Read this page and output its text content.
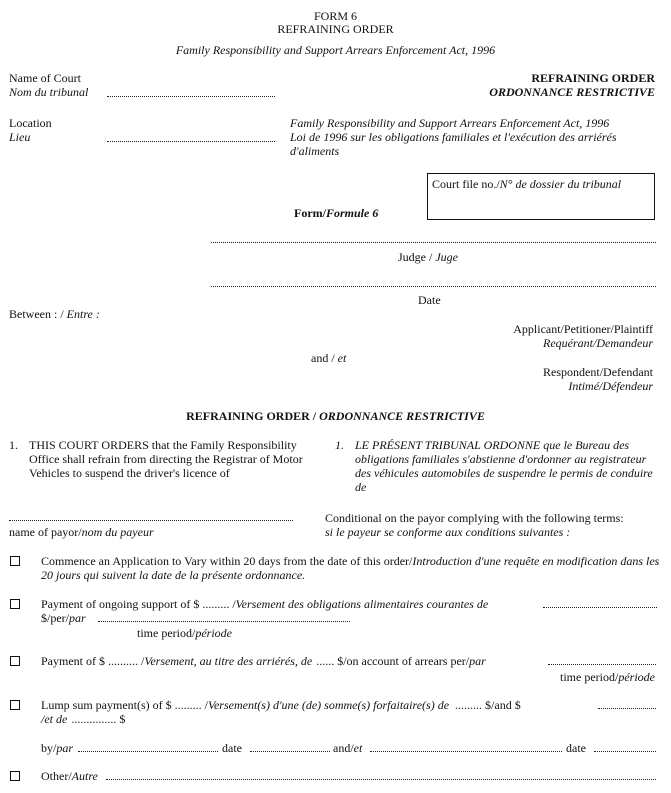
FORM 6
REFRAINING ORDER
Family Responsibility and Support Arrears Enforcement Act, 1996
Name of Court
Nom du tribunal
Location
Lieu
REFRAINING ORDER
ORDONNANCE RESTRICTIVE
Family Responsibility and Support Arrears Enforcement Act, 1996
Loi de 1996 sur les obligations familiales et l'exécution des arriérés d'aliments
Court file no./N° de dossier du tribunal
Form/Formule 6
Judge / Juge
Date
Between : / Entre :
Applicant/Petitioner/Plaintiff
Requérant/Demandeur
and / et
Respondent/Defendant
Intimé/Défendeur
REFRAINING ORDER / ORDONNANCE RESTRICTIVE
1. THIS COURT ORDERS that the Family Responsibility Office shall refrain from directing the Registrar of Motor Vehicles to suspend the driver's licence of
1. LE PRÉSENT TRIBUNAL ORDONNE que le Bureau des obligations familiales s'abstienne d'ordonner au registrateur des véhicules automobiles de suspendre le permis de conduire de
name of payor/nom du payeur
Conditional on the payor complying with the following terms:
si le payeur se conforme aux conditions suivantes :
Commence an Application to Vary within 20 days from the date of this order/Introduction d'une requête en modification dans les 20 jours qui suivent la date de la présente ordonnance.
Payment of ongoing support of $ ......... /Versement des obligations alimentaires courantes de
$/per/par
time period/période
Payment of $ .......... /Versement, au titre des arriérés, de ...... $/on account of arrears per/par
time period/période
Lump sum payment(s) of $ ......... /Versement(s) d'une (de) somme(s) forfaitaire(s) de ......... $/and $
/et de ............... $
by/par	date	and/et	date
Other/Autre
